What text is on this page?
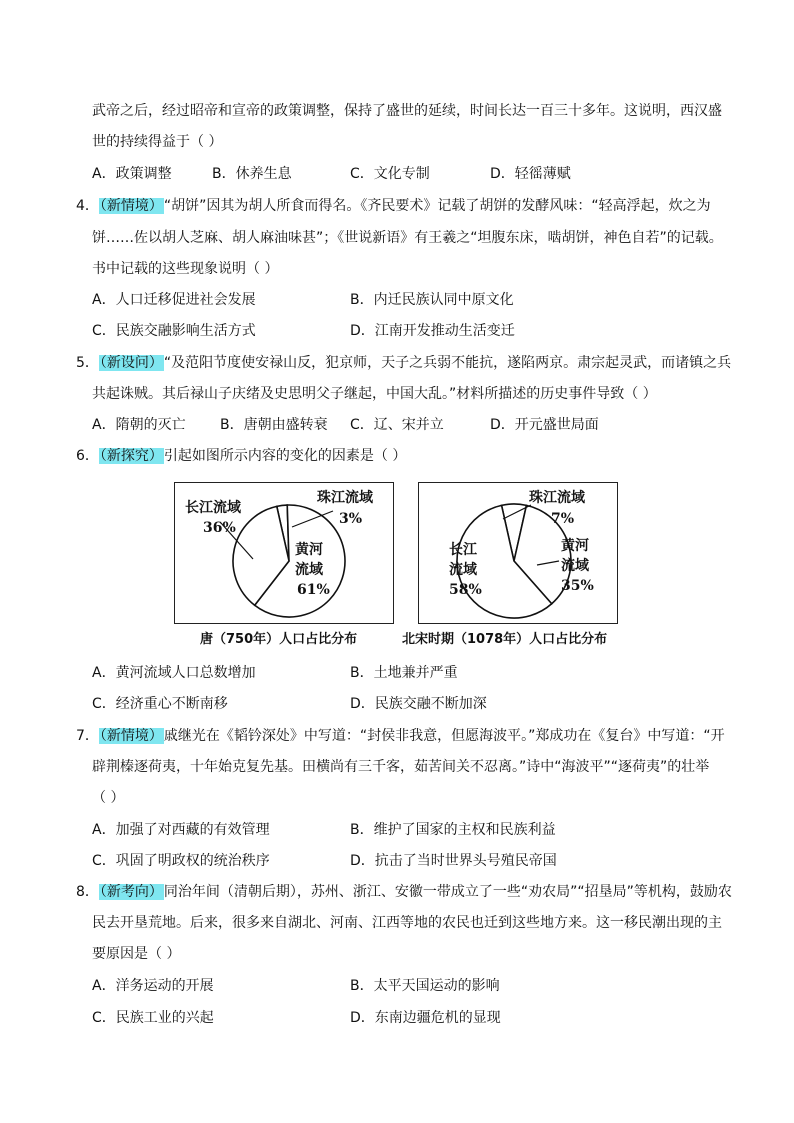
武帝之后，经过昭帝和宣帝的政策调整，保持了盛世的延续，时间长达一百三十多年。这说明，西汉盛
世的持续得益于（ ）
A．政策调整	B．休养生息	C．文化专制	D．轻徭薄赋
4．（新情境）“胡饼”因其为胡人所食而得名。《齐民要术》记载了胡饼的发酵风味：“轻高浮起，炊之为
饼……佐以胡人芝麻、胡人麻油味甚”；《世说新语》有王羲之“坦腹东床，啮胡饼，神色自若”的记载。
书中记载的这些现象说明（ ）
A．人口迁移促进社会发展	B．内迁民族认同中原文化
C．民族交融影响生活方式	D．江南开发推动生活变迁
5．（新设问）“及范阳节度使安禄山反，犯京师，天子之兵弱不能抗，遂陷两京。肃宗起灵武，而诸镇之兵
共起诛贼。其后禄山子庆绪及史思明父子继起，中国大乱。”材料所描述的历史事件导致（ ）
A．隋朝的灭亡 B．唐朝由盛转衰 C．辽、宋并立	D．开元盛世局面
6．（新探究）引起如图所示内容的变化的因素是（ ）
长江流域
36%
珠江流域
3%
黄河
流域
61%
唐（750年）人口占比分布
珠江流域
7%
长江
流域
58%
黄河
流域
35%
北宋时期（1078年）人口占比分布
A．黄河流域人口总数增加	B．土地兼并严重
C．经济重心不断南移	D．民族交融不断加深
7．（新情境）戚继光在《韬钤深处》中写道：“封侯非我意，但愿海波平。”郑成功在《复台》中写道：“开
辟荆榛逐荷夷，十年始克复先基。田横尚有三千客，茹苦间关不忍离。”诗中“海波平”“逐荷夷”的壮举
（ ）
A．加强了对西藏的有效管理	B．维护了国家的主权和民族利益
C．巩固了明政权的统治秩序	D．抗击了当时世界头号殖民帝国
8．（新考向）同治年间（清朝后期），苏州、浙江、安徽一带成立了一些“劝农局”“招垦局”等机构，鼓励农
民去开垦荒地。后来，很多来自湖北、河南、江西等地的农民也迁到这些地方来。这一移民潮出现的主
要原因是（ ）
A．洋务运动的开展	B．太平天国运动的影响
C．民族工业的兴起	D．东南边疆危机的显现
